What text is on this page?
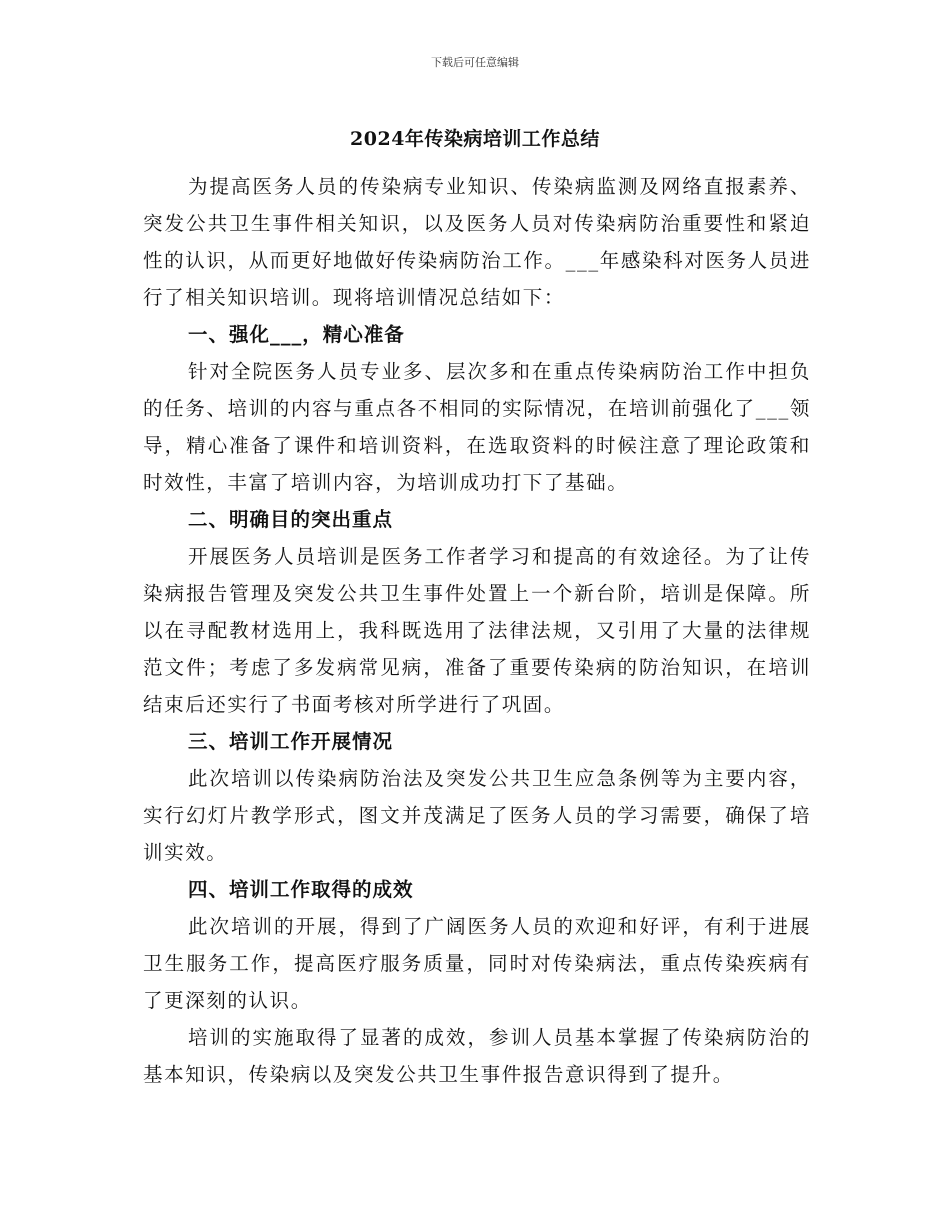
下载后可任意编辑
2024年传染病培训工作总结

为提高医务人员的传染病专业知识、传染病监测及网络直报素养、突发公共卫生事件相关知识，以及医务人员对传染病防治重要性和紧迫性的认识，从而更好地做好传染病防治工作。___年感染科对医务人员进行了相关知识培训。现将培训情况总结如下：

一、强化___，精心准备

针对全院医务人员专业多、层次多和在重点传染病防治工作中担负的任务、培训的内容与重点各不相同的实际情况，在培训前强化了___领导，精心准备了课件和培训资料，在选取资料的时候注意了理论政策和时效性，丰富了培训内容，为培训成功打下了基础。

二、明确目的突出重点

开展医务人员培训是医务工作者学习和提高的有效途径。为了让传染病报告管理及突发公共卫生事件处置上一个新台阶，培训是保障。所以在寻配教材选用上，我科既选用了法律法规，又引用了大量的法律规范文件；考虑了多发病常见病，准备了重要传染病的防治知识，在培训结束后还实行了书面考核对所学进行了巩固。

三、培训工作开展情况

此次培训以传染病防治法及突发公共卫生应急条例等为主要内容，实行幻灯片教学形式，图文并茂满足了医务人员的学习需要，确保了培训实效。

四、培训工作取得的成效

此次培训的开展，得到了广阔医务人员的欢迎和好评，有利于进展卫生服务工作，提高医疗服务质量，同时对传染病法，重点传染疾病有了更深刻的认识。

培训的实施取得了显著的成效，参训人员基本掌握了传染病防治的基本知识，传染病以及突发公共卫生事件报告意识得到了提升。
